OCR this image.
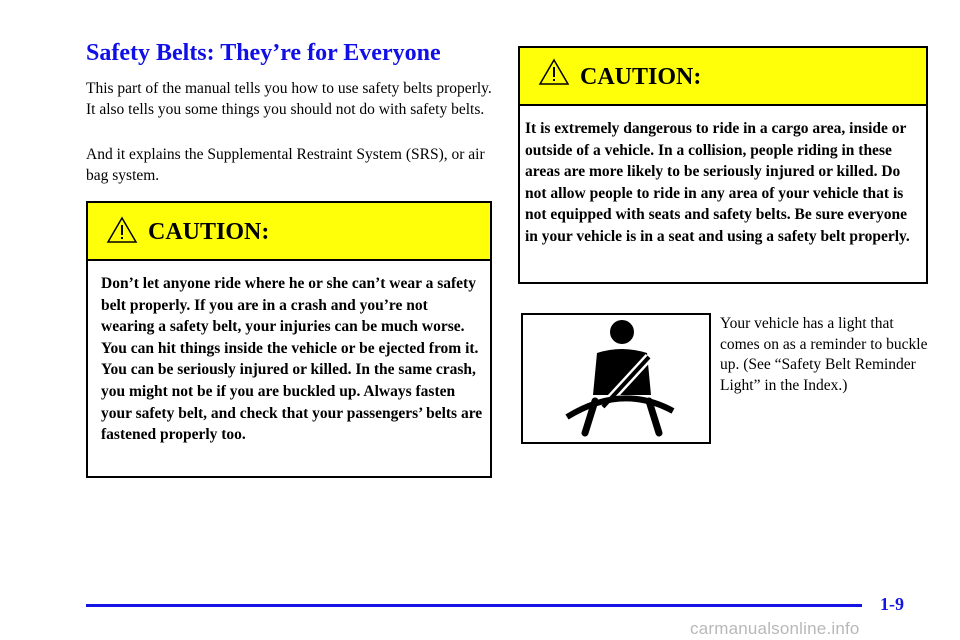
Safety Belts: They’re for Everyone

This part of the manual tells you how to use safety belts properly. It also tells you some things you should not do with safety belts.

And it explains the Supplemental Restraint System (SRS), or air bag system.

CAUTION:
Don’t let anyone ride where he or she can’t wear a safety belt properly. If you are in a crash and you’re not wearing a safety belt, your injuries can be much worse. You can hit things inside the vehicle or be ejected from it. You can be seriously injured or killed. In the same crash, you might not be if you are buckled up. Always fasten your safety belt, and check that your passengers’ belts are fastened properly too.
CAUTION:
It is extremely dangerous to ride in a cargo area, inside or outside of a vehicle. In a collision, people riding in these areas are more likely to be seriously injured or killed. Do not allow people to ride in any area of your vehicle that is not equipped with seats and safety belts. Be sure everyone in your vehicle is in a seat and using a safety belt properly.

Your vehicle has a light that comes on as a reminder to buckle up. (See “Safety Belt Reminder Light” in the Index.)

1-9

carmanualsonline.info
